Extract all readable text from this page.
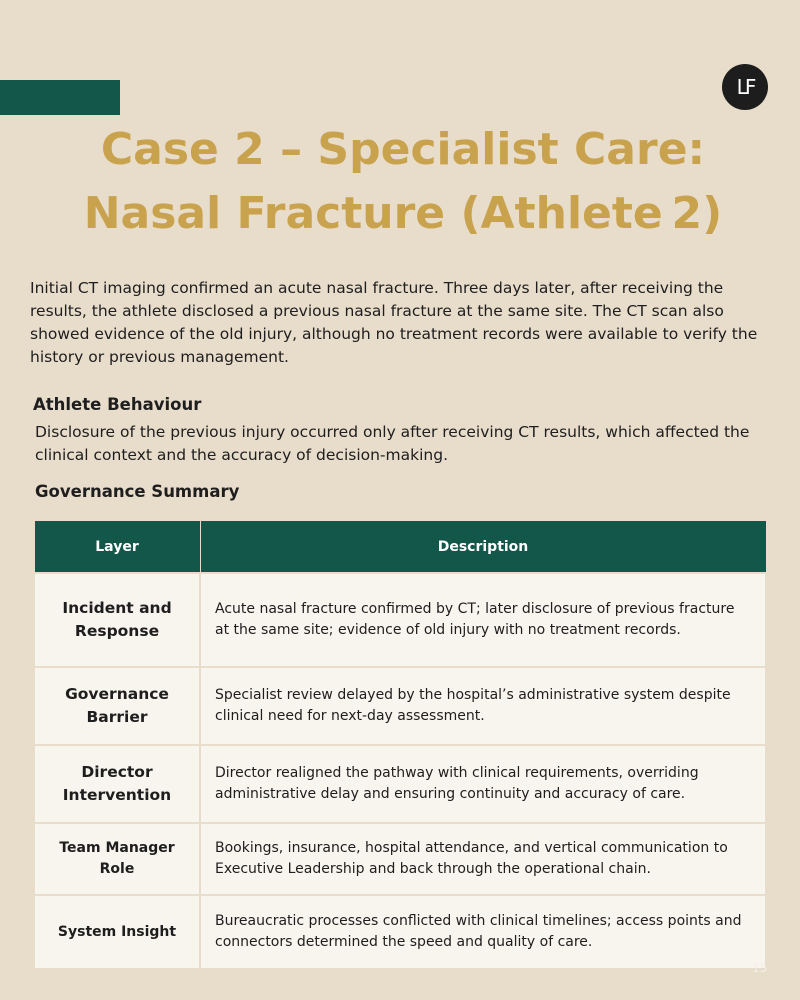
LF
Case 2 – Specialist Care: Nasal Fracture (Athlete 2)

Initial CT imaging confirmed an acute nasal fracture. Three days later, after receiving the results, the athlete disclosed a previous nasal fracture at the same site. The CT scan also showed evidence of the old injury, although no treatment records were available to verify the history or previous management.

Athlete Behaviour

Disclosure of the previous injury occurred only after receiving CT results, which affected the clinical context and the accuracy of decision-making.

Governance Summary
Layer	Description
Incident and Response	Acute nasal fracture confirmed by CT; later disclosure of previous fracture at the same site; evidence of old injury with no treatment records.
Governance Barrier	Specialist review delayed by the hospital’s administrative system despite clinical need for next-day assessment.
Director Intervention	Director realigned the pathway with clinical requirements, overriding administrative delay and ensuring continuity and accuracy of care.
Team Manager Role	Bookings, insurance, hospital attendance, and vertical communication to Executive Leadership and back through the operational chain.
System Insight	Bureaucratic processes conflicted with clinical timelines; access points and connectors determined the speed and quality of care.
15
